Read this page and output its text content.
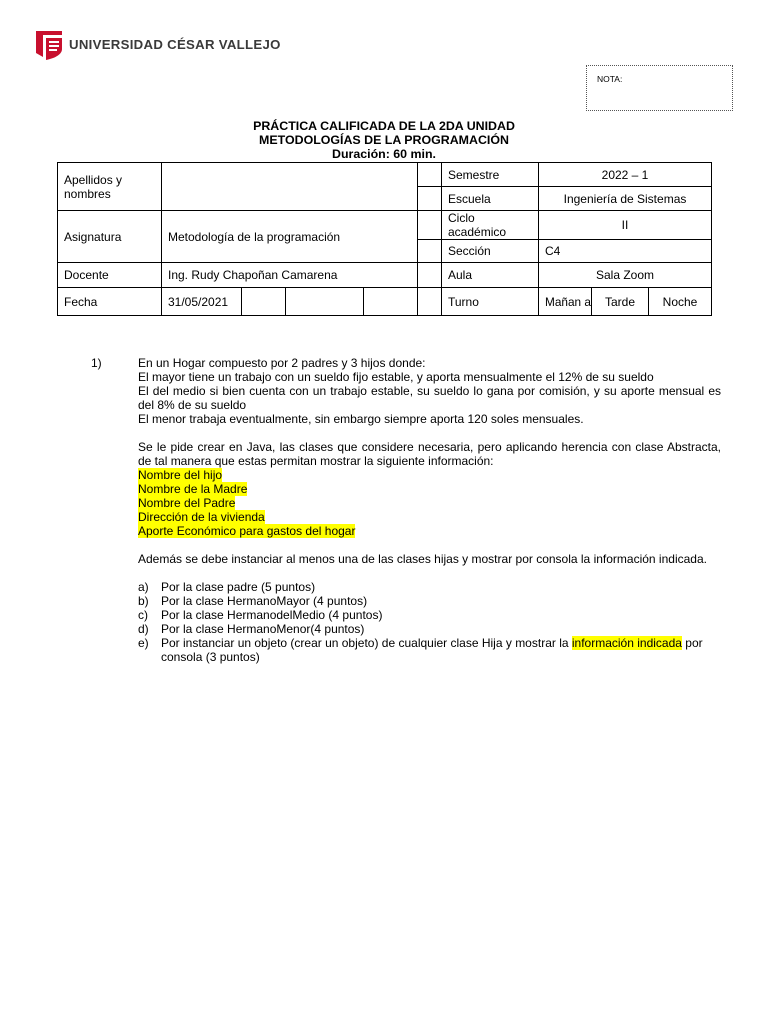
UNIVERSIDAD CÉSAR VALLEJO
NOTA:
PRÁCTICA CALIFICADA DE LA 2DA UNIDAD
METODOLOGÍAS DE LA PROGRAMACIÓN
Duración: 60 min.
Apellidos y nombres						Semestre	2022 – 1		
						Escuela	Ingeniería de Sistemas		
Asignatura	Metodología de la programación					Ciclo académico	II		
						Sección	C4		
Docente	Ing. Rudy Chapoñan Camarena					Aula	Sala Zoom		
Fecha	31/05/2021					Turno	Mañan a	Tarde	Noche
1)	En un Hogar compuesto por 2 padres y 3 hijos donde:

El mayor tiene un trabajo con un sueldo fijo estable, y aporta mensualmente el 12% de su sueldo

El del medio si bien cuenta con un trabajo estable, su sueldo lo gana por comisión, y su aporte mensual es del 8% de su sueldo

El menor trabaja eventualmente, sin embargo siempre aporta 120 soles mensuales.

Se le pide crear en Java, las clases que considere necesaria, pero aplicando herencia con clase Abstracta, de tal manera que estas permitan mostrar la siguiente información:

Nombre del hijo
Nombre de la Madre
Nombre del Padre
Dirección de la vivienda
Aporte Económico para gastos del hogar

Además se debe instanciar al menos una de las clases hijas y mostrar por consola la información indicada.

a) Por la clase padre (5 puntos)
b) Por la clase HermanoMayor (4 puntos)
c) Por la clase HermanodelMedio (4 puntos)
d) Por la clase HermanoMenor(4 puntos)
e) Por instanciar un objeto (crear un objeto) de cualquier clase Hija y mostrar la información indicada por consola (3 puntos)
